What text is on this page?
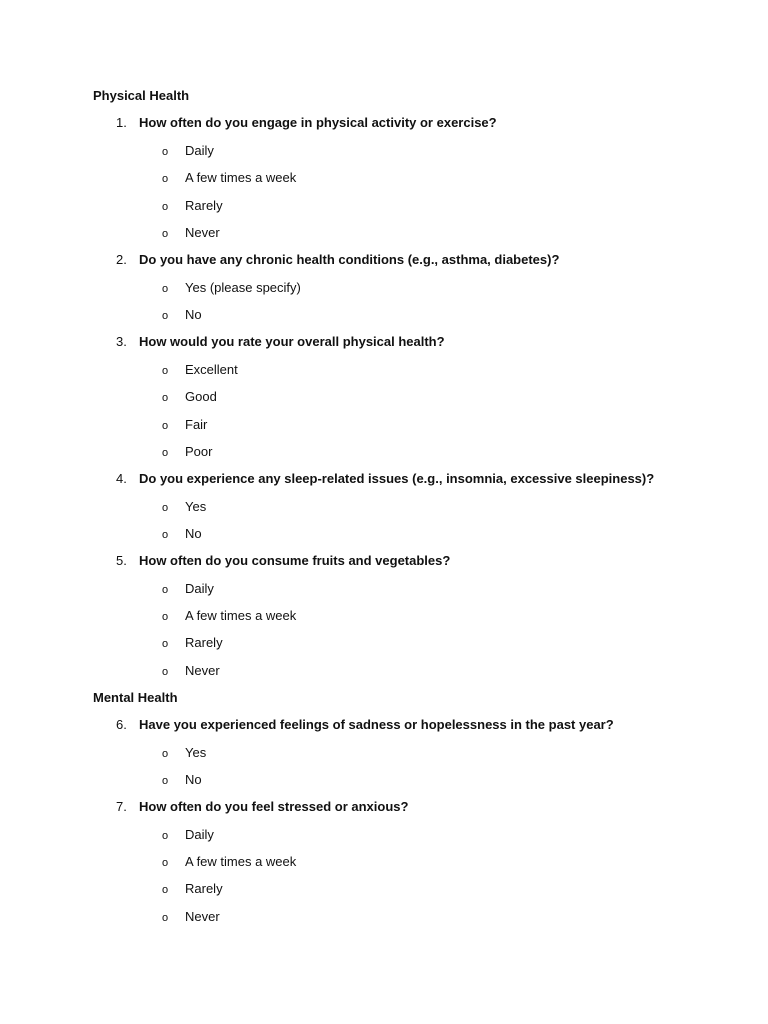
Physical Health
1. How often do you engage in physical activity or exercise?
o Daily
o A few times a week
o Rarely
o Never
2. Do you have any chronic health conditions (e.g., asthma, diabetes)?
o Yes (please specify)
o No
3. How would you rate your overall physical health?
o Excellent
o Good
o Fair
o Poor
4. Do you experience any sleep-related issues (e.g., insomnia, excessive sleepiness)?
o Yes
o No
5. How often do you consume fruits and vegetables?
o Daily
o A few times a week
o Rarely
o Never
Mental Health
6. Have you experienced feelings of sadness or hopelessness in the past year?
o Yes
o No
7. How often do you feel stressed or anxious?
o Daily
o A few times a week
o Rarely
o Never
